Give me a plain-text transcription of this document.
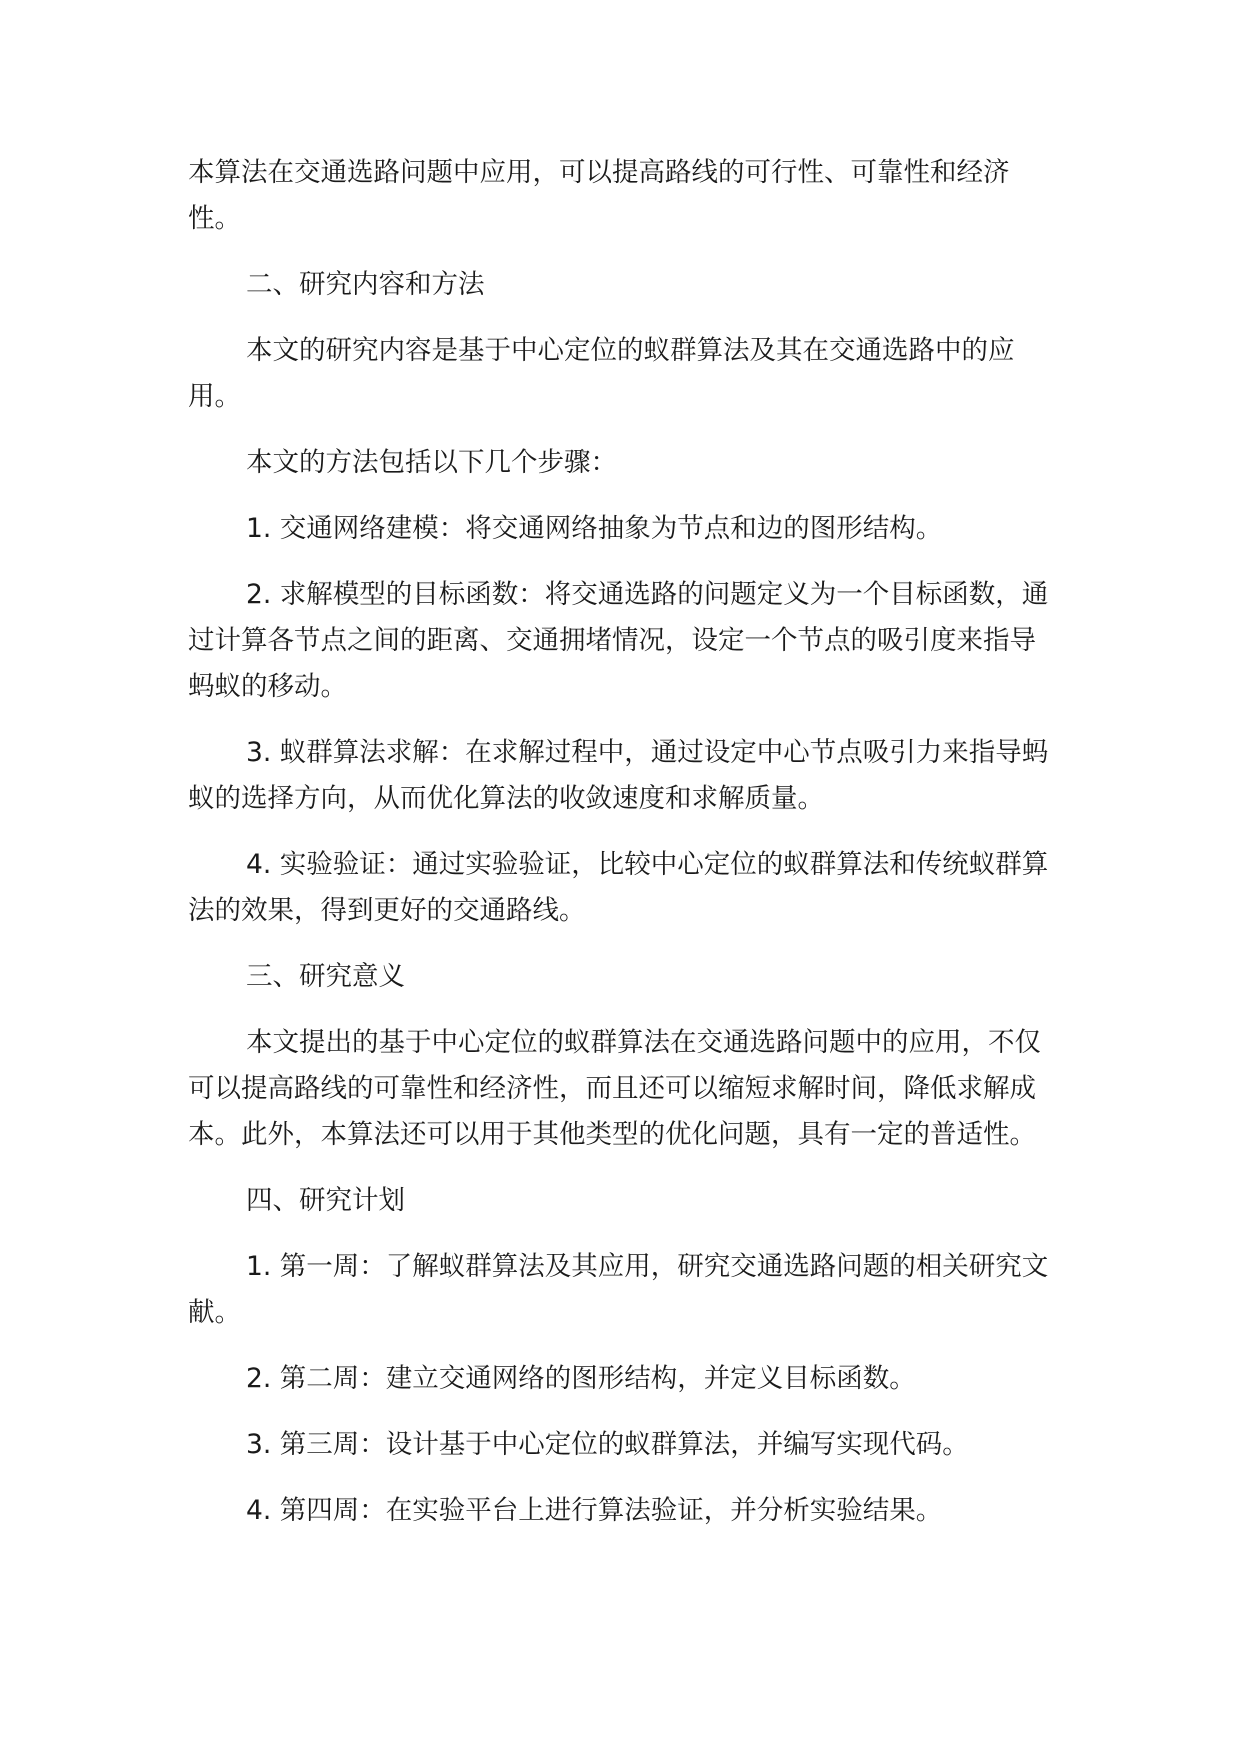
本算法在交通选路问题中应用，可以提高路线的可行性、可靠性和经济性。

二、研究内容和方法

本文的研究内容是基于中心定位的蚁群算法及其在交通选路中的应用。

本文的方法包括以下几个步骤：

1. 交通网络建模：将交通网络抽象为节点和边的图形结构。

2. 求解模型的目标函数：将交通选路的问题定义为一个目标函数，通过计算各节点之间的距离、交通拥堵情况，设定一个节点的吸引度来指导蚂蚁的移动。

3. 蚁群算法求解：在求解过程中，通过设定中心节点吸引力来指导蚂蚁的选择方向，从而优化算法的收敛速度和求解质量。

4. 实验验证：通过实验验证，比较中心定位的蚁群算法和传统蚁群算法的效果，得到更好的交通路线。

三、研究意义

本文提出的基于中心定位的蚁群算法在交通选路问题中的应用，不仅可以提高路线的可靠性和经济性，而且还可以缩短求解时间，降低求解成本。此外，本算法还可以用于其他类型的优化问题，具有一定的普适性。

四、研究计划

1. 第一周：了解蚁群算法及其应用，研究交通选路问题的相关研究文献。

2. 第二周：建立交通网络的图形结构，并定义目标函数。

3. 第三周：设计基于中心定位的蚁群算法，并编写实现代码。

4. 第四周：在实验平台上进行算法验证，并分析实验结果。
